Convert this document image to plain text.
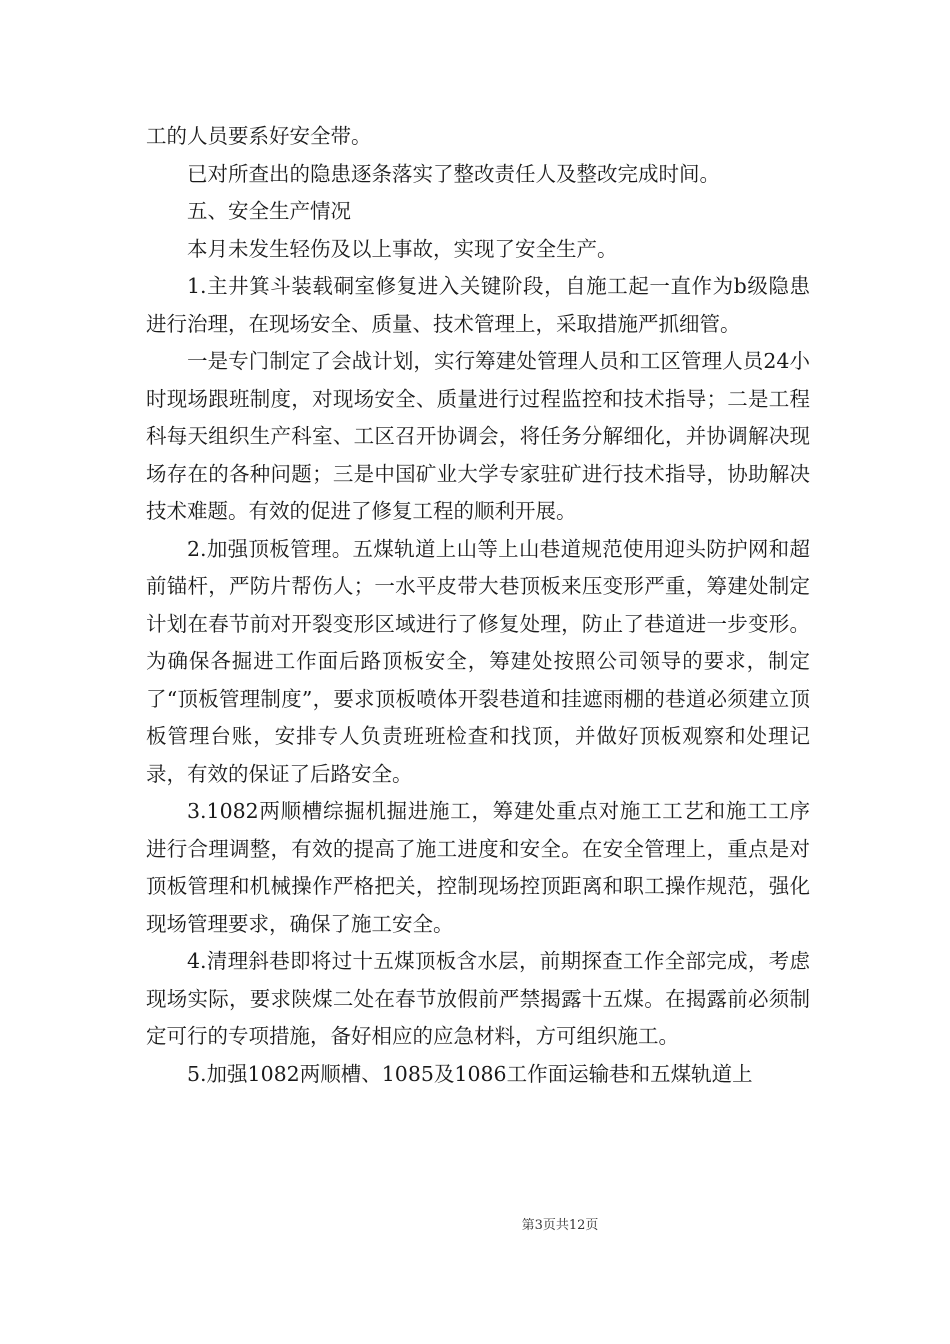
工的人员要系好安全带。

已对所查出的隐患逐条落实了整改责任人及整改完成时间。

五、安全生产情况

本月未发生轻伤及以上事故，实现了安全生产。

1.主井箕斗装载硐室修复进入关键阶段，自施工起一直作为b级隐患进行治理，在现场安全、质量、技术管理上，采取措施严抓细管。

一是专门制定了会战计划，实行筹建处管理人员和工区管理人员24小时现场跟班制度，对现场安全、质量进行过程监控和技术指导；二是工程科每天组织生产科室、工区召开协调会，将任务分解细化，并协调解决现场存在的各种问题；三是中国矿业大学专家驻矿进行技术指导，协助解决技术难题。有效的促进了修复工程的顺利开展。

2.加强顶板管理。五煤轨道上山等上山巷道规范使用迎头防护网和超前锚杆，严防片帮伤人；一水平皮带大巷顶板来压变形严重，筹建处制定计划在春节前对开裂变形区域进行了修复处理，防止了巷道进一步变形。为确保各掘进工作面后路顶板安全，筹建处按照公司领导的要求，制定了“顶板管理制度”，要求顶板喷体开裂巷道和挂遮雨棚的巷道必须建立顶板管理台账，安排专人负责班班检查和找顶，并做好顶板观察和处理记录，有效的保证了后路安全。

3.1082两顺槽综掘机掘进施工，筹建处重点对施工工艺和施工工序进行合理调整，有效的提高了施工进度和安全。在安全管理上，重点是对顶板管理和机械操作严格把关，控制现场控顶距离和职工操作规范，强化现场管理要求，确保了施工安全。

4.清理斜巷即将过十五煤顶板含水层，前期探查工作全部完成，考虑现场实际，要求陕煤二处在春节放假前严禁揭露十五煤。在揭露前必须制定可行的专项措施，备好相应的应急材料，方可组织施工。

5.加强1082两顺槽、1085及1086工作面运输巷和五煤轨道上

第3页共12页
